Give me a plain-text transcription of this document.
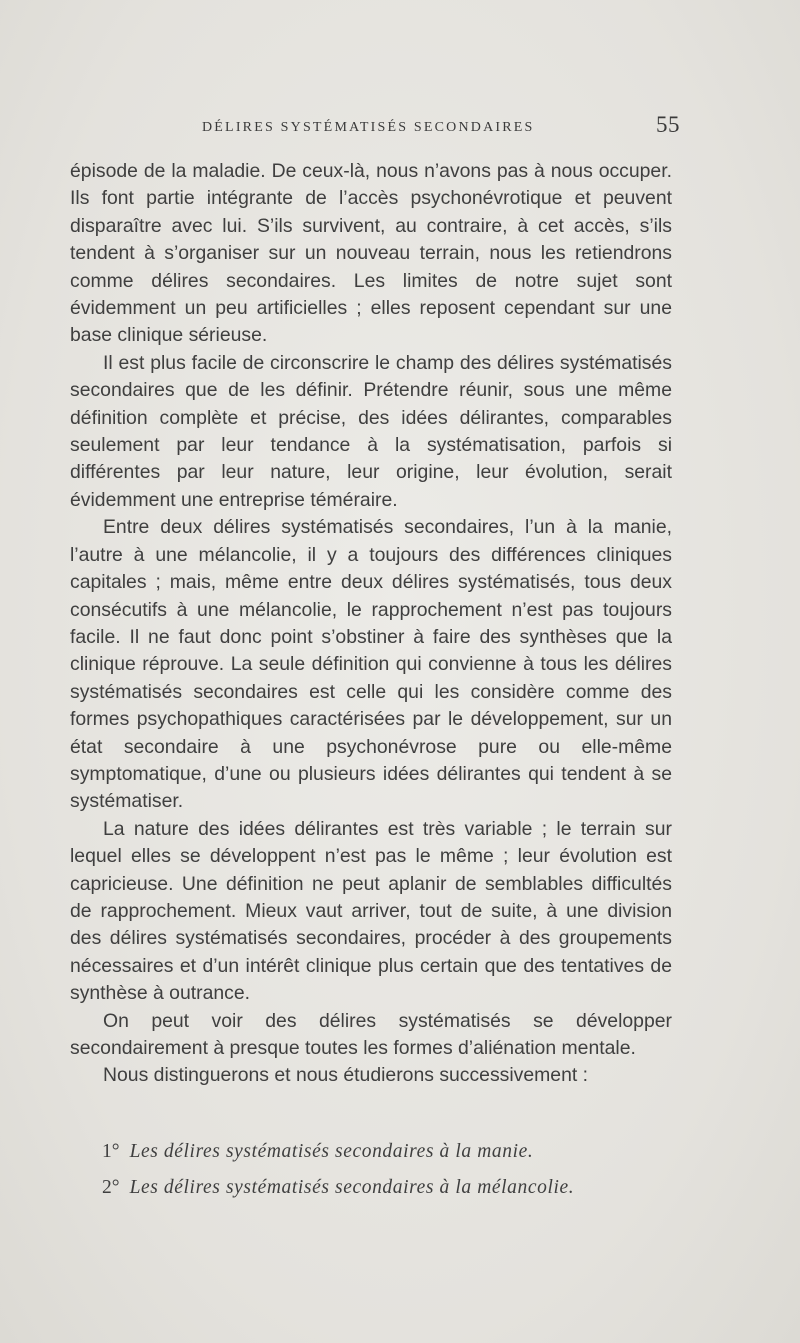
DÉLIRES SYSTÉMATISÉS SECONDAIRES	55

épisode de la maladie. De ceux-là, nous n’avons pas à nous occuper. Ils font partie intégrante de l’accès psychonévrotique et peuvent disparaître avec lui. S’ils survivent, au contraire, à cet accès, s’ils tendent à s’organiser sur un nouveau terrain, nous les retiendrons comme délires secondaires. Les limites de notre sujet sont évidemment un peu artificielles ; elles reposent cependant sur une base clinique sérieuse.

Il est plus facile de circonscrire le champ des délires systématisés secondaires que de les définir. Prétendre réunir, sous une même définition complète et précise, des idées délirantes, comparables seulement par leur tendance à la systématisation, parfois si différentes par leur nature, leur origine, leur évolution, serait évidemment une entreprise téméraire.

Entre deux délires systématisés secondaires, l’un à la manie, l’autre à une mélancolie, il y a toujours des différences cliniques capitales ; mais, même entre deux délires systématisés, tous deux consécutifs à une mélancolie, le rapprochement n’est pas toujours facile. Il ne faut donc point s’obstiner à faire des synthèses que la clinique réprouve. La seule définition qui convienne à tous les délires systématisés secondaires est celle qui les considère comme des formes psychopathiques caractérisées par le développement, sur un état secondaire à une psychonévrose pure ou elle-même symptomatique, d’une ou plusieurs idées délirantes qui tendent à se systématiser.

La nature des idées délirantes est très variable ; le terrain sur lequel elles se développent n’est pas le même ; leur évolution est capricieuse. Une définition ne peut aplanir de semblables difficultés de rapprochement. Mieux vaut arriver, tout de suite, à une division des délires systématisés secondaires, procéder à des groupements nécessaires et d’un intérêt clinique plus certain que des tentatives de synthèse à outrance.

On peut voir des délires systématisés se développer secondairement à presque toutes les formes d’aliénation mentale.

Nous distinguerons et nous étudierons successivement :

1° Les délires systématisés secondaires à la manie.
2° Les délires systématisés secondaires à la mélancolie.
